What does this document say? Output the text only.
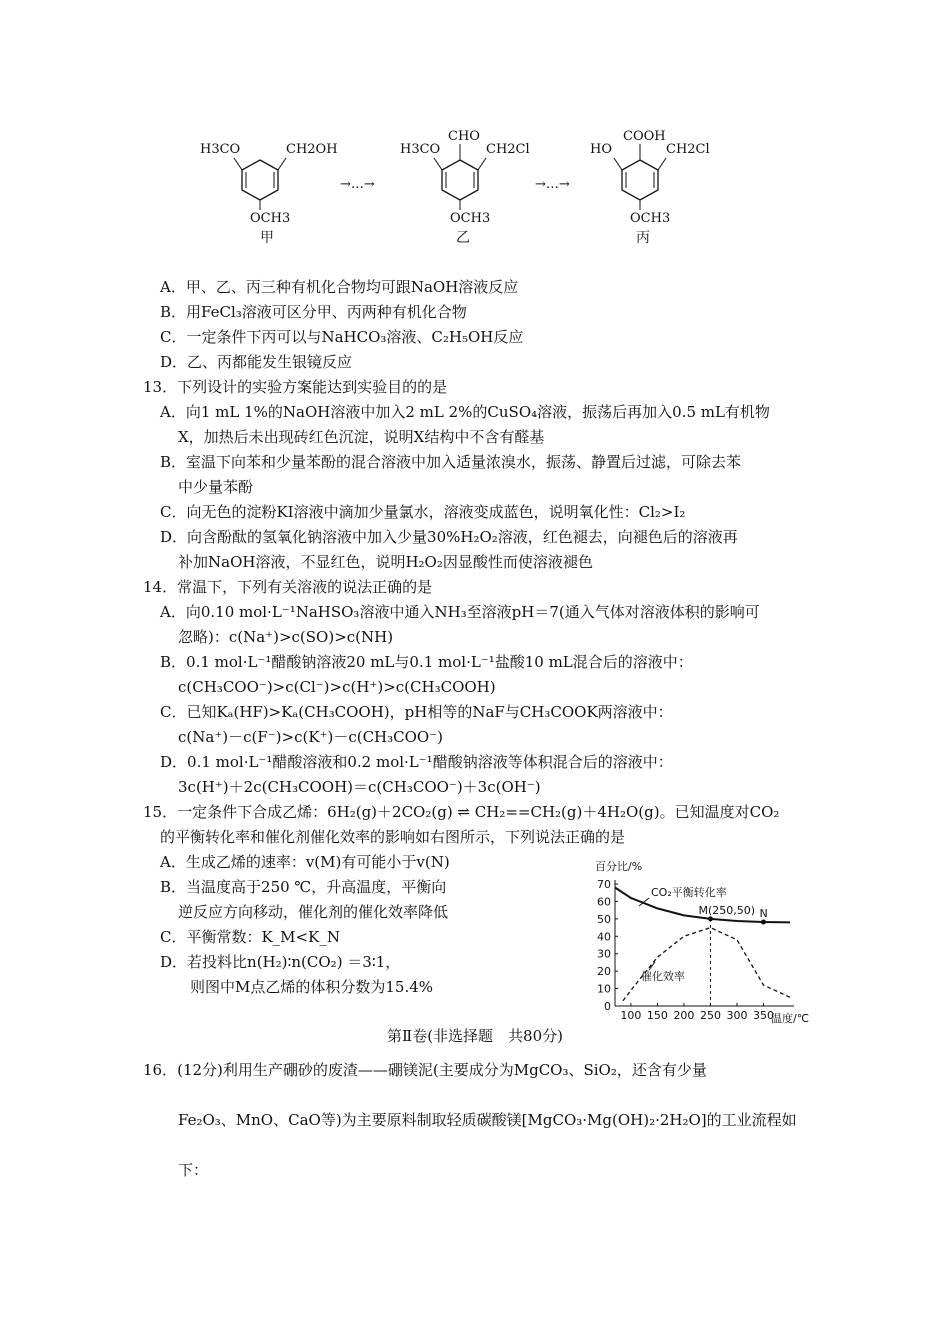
H3CO	CH2OH
OCH3
甲
→…→
CHO
H3CO	CH2Cl
OCH3
乙
→…→
COOH
HO	CH2Cl
OCH3
丙
A．甲、乙、丙三种有机化合物均可跟NaOH溶液反应
B．用FeCl₃溶液可区分甲、丙两种有机化合物
C．一定条件下丙可以与NaHCO₃溶液、C₂H₅OH反应
D．乙、丙都能发生银镜反应
13．下列设计的实验方案能达到实验目的的是
A．向1 mL 1%的NaOH溶液中加入2 mL 2%的CuSO₄溶液，振荡后再加入0.5 mL有机物
X，加热后未出现砖红色沉淀，说明X结构中不含有醛基
B．室温下向苯和少量苯酚的混合溶液中加入适量浓溴水，振荡、静置后过滤，可除去苯
中少量苯酚
C．向无色的淀粉KI溶液中滴加少量氯水，溶液变成蓝色，说明氧化性：Cl₂>I₂
D．向含酚酞的氢氧化钠溶液中加入少量30%H₂O₂溶液，红色褪去，向褪色后的溶液再
补加NaOH溶液，不显红色，说明H₂O₂因显酸性而使溶液褪色
14．常温下，下列有关溶液的说法正确的是
A．向0.10 mol·L⁻¹NaHSO₃溶液中通入NH₃至溶液pH＝7(通入气体对溶液体积的影响可
忽略)：c(Na⁺)>c(SO)>c(NH)
B．0.1 mol·L⁻¹醋酸钠溶液20 mL与0.1 mol·L⁻¹盐酸10 mL混合后的溶液中：
c(CH₃COO⁻)>c(Cl⁻)>c(H⁺)>c(CH₃COOH)
C．已知Kₐ(HF)>Kₐ(CH₃COOH)，pH相等的NaF与CH₃COOK两溶液中：
c(Na⁺)－c(F⁻)>c(K⁺)－c(CH₃COO⁻)
D．0.1 mol·L⁻¹醋酸溶液和0.2 mol·L⁻¹醋酸钠溶液等体积混合后的溶液中：
3c(H⁺)＋2c(CH₃COOH)＝c(CH₃COO⁻)＋3c(OH⁻)
15．一定条件下合成乙烯：6H₂(g)＋2CO₂(g) ⇌ CH₂==CH₂(g)＋4H₂O(g)。已知温度对CO₂
的平衡转化率和催化剂催化效率的影响如右图所示，下列说法正确的是
A．生成乙烯的速率：v(M)有可能小于v(N)
B．当温度高于250 ℃，升高温度，平衡向
逆反应方向移动，催化剂的催化效率降低
C．平衡常数：K_M<K_N
D．若投料比n(H₂)∶n(CO₂) ＝3∶1，
则图中M点乙烯的体积分数为15.4%
百分比/%
温度/℃
0
10
20
30
40
50
60
70
100 150 200 250 300 350
M(250,50) N
CO₂平衡转化率
催化效率
第Ⅱ卷(非选择题　共80分)
16．(12分)利用生产硼砂的废渣——硼镁泥(主要成分为MgCO₃、SiO₂，还含有少量
Fe₂O₃、MnO、CaO等)为主要原料制取轻质碳酸镁[MgCO₃·Mg(OH)₂·2H₂O]的工业流程如
下：
